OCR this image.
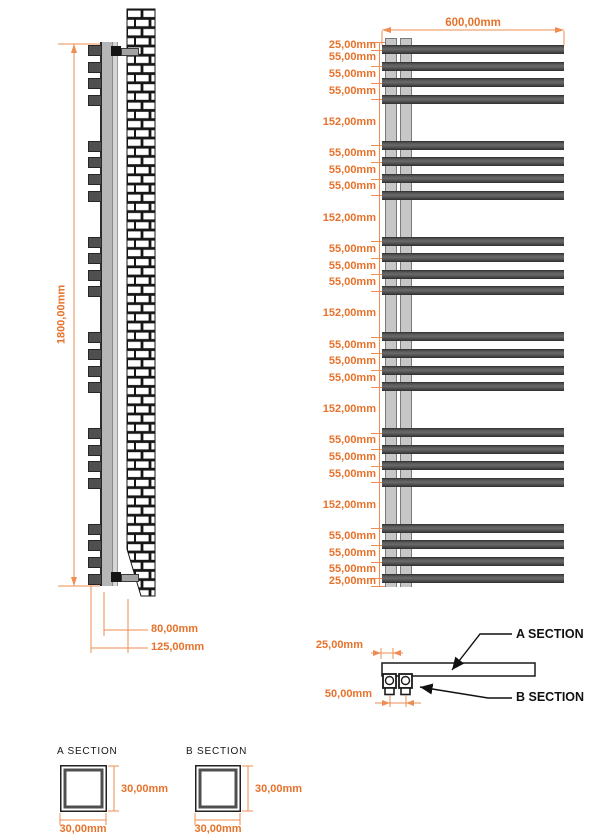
25,00mm
55,00mm
55,00mm
55,00mm
152,00mm
55,00mm
55,00mm
55,00mm
152,00mm
55,00mm
55,00mm
55,00mm
152,00mm
55,00mm
55,00mm
55,00mm
152,00mm
55,00mm
55,00mm
55,00mm
152,00mm
55,00mm
55,00mm
55,00mm
25,00mm
600,00mm
1800,00mm
80,00mm
125,00mm	25,00mm
50,00mm
A SECTION
B SECTION
A SECTION	B SECTION
30,00mm
30,00mm
30,00mm
30,00mm
